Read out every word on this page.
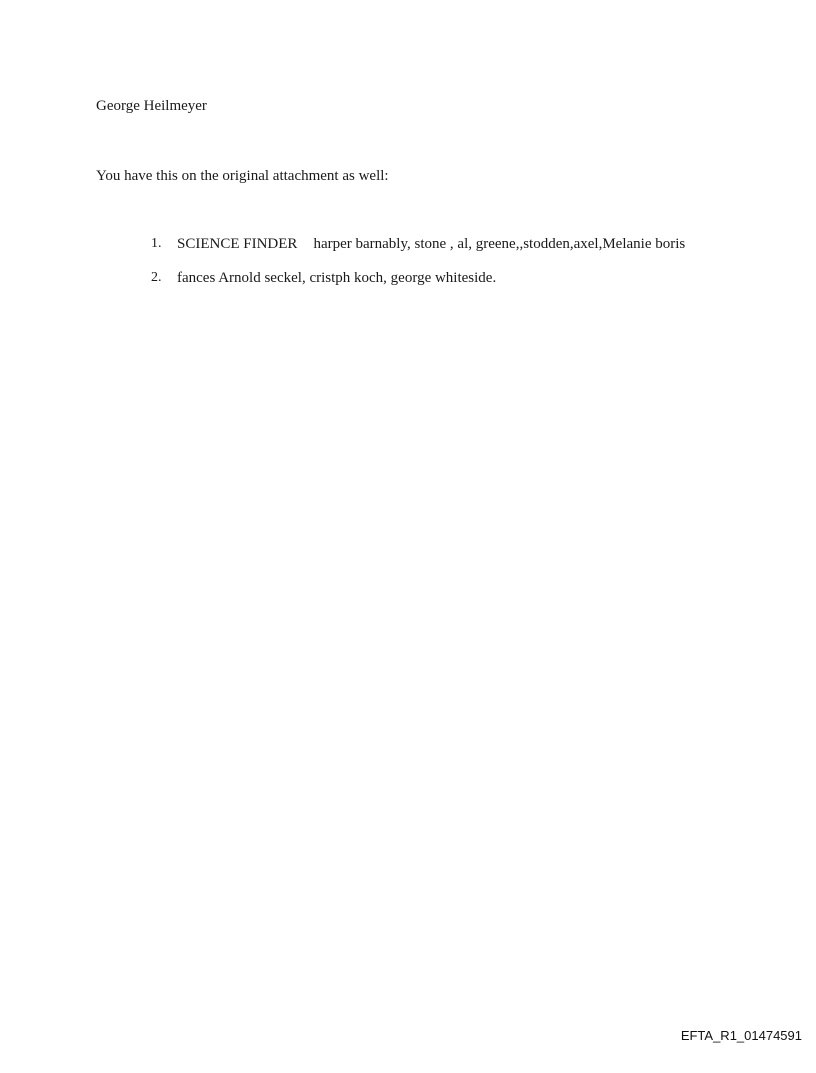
George Heilmeyer
You have this on the original attachment as well:
1. SCIENCE FINDER harper barnably, stone , al, greene,,stodden,axel,Melanie boris
2. fances Arnold seckel, cristph koch, george whiteside.
EFTA_R1_01474591
